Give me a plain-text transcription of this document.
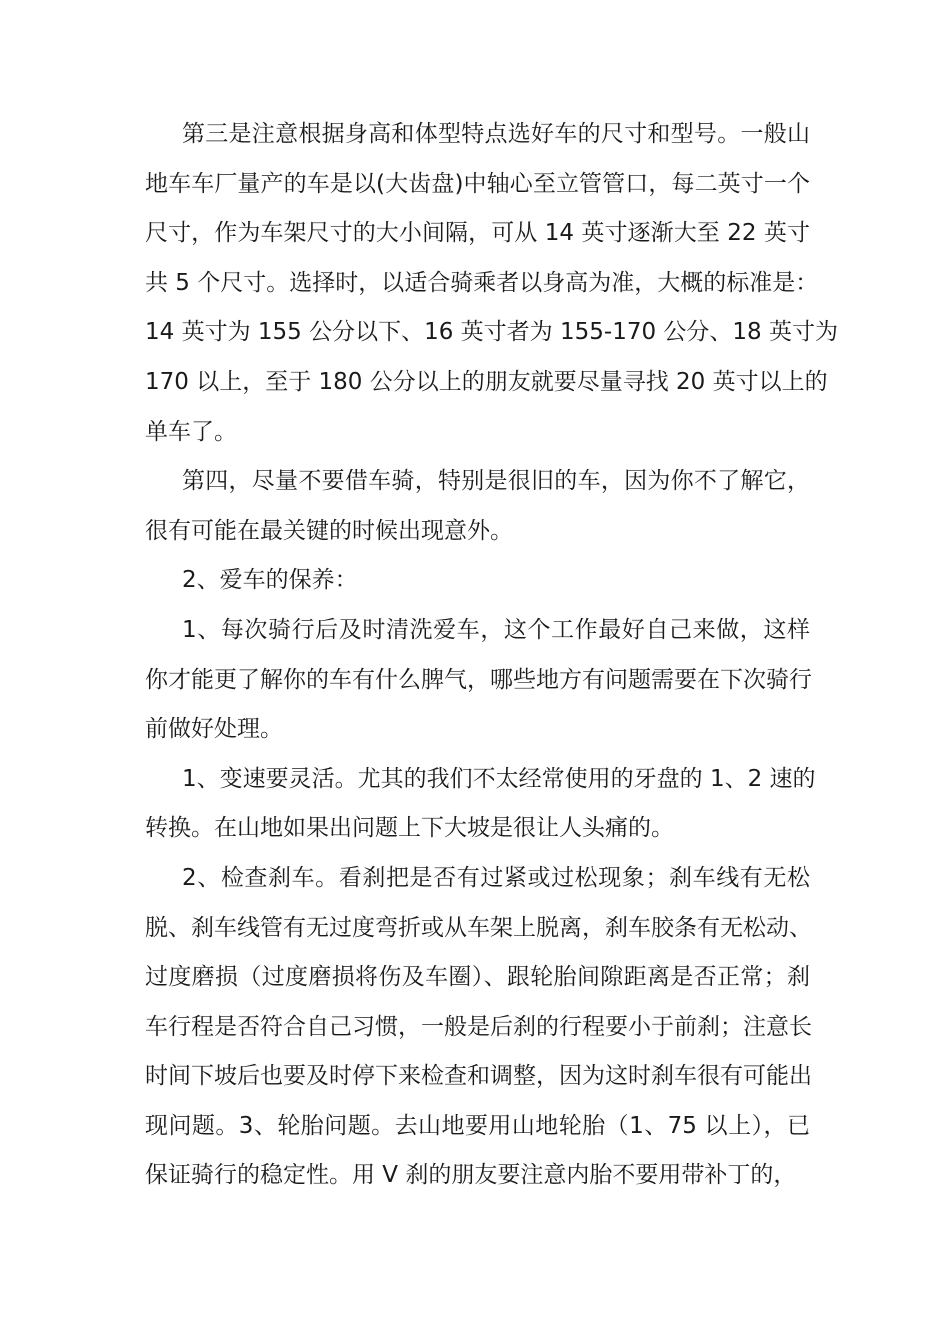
第三是注意根据身高和体型特点选好车的尺寸和型号。一般山
地车车厂量产的车是以(大齿盘)中轴心至立管管口，每二英寸一个
尺寸，作为车架尺寸的大小间隔，可从 14 英寸逐渐大至 22 英寸
共 5 个尺寸。选择时，以适合骑乘者以身高为准，大概的标准是：
14 英寸为 155 公分以下、16 英寸者为 155-170 公分、18 英寸为
170 以上，至于 180 公分以上的朋友就要尽量寻找 20 英寸以上的
单车了。
第四，尽量不要借车骑，特别是很旧的车，因为你不了解它，
很有可能在最关键的时候出现意外。
2、爱车的保养：
1、每次骑行后及时清洗爱车，这个工作最好自己来做，这样
你才能更了解你的车有什么脾气，哪些地方有问题需要在下次骑行
前做好处理。
1、变速要灵活。尤其的我们不太经常使用的牙盘的 1、2 速的
转换。在山地如果出问题上下大坡是很让人头痛的。
2、检查刹车。看刹把是否有过紧或过松现象；刹车线有无松
脱、刹车线管有无过度弯折或从车架上脱离，刹车胶条有无松动、
过度磨损（过度磨损将伤及车圈）、跟轮胎间隙距离是否正常；刹
车行程是否符合自己习惯，一般是后刹的行程要小于前刹；注意长
时间下坡后也要及时停下来检查和调整，因为这时刹车很有可能出
现问题。3、轮胎问题。去山地要用山地轮胎（1、75 以上），已
保证骑行的稳定性。用 V 刹的朋友要注意内胎不要用带补丁的，
